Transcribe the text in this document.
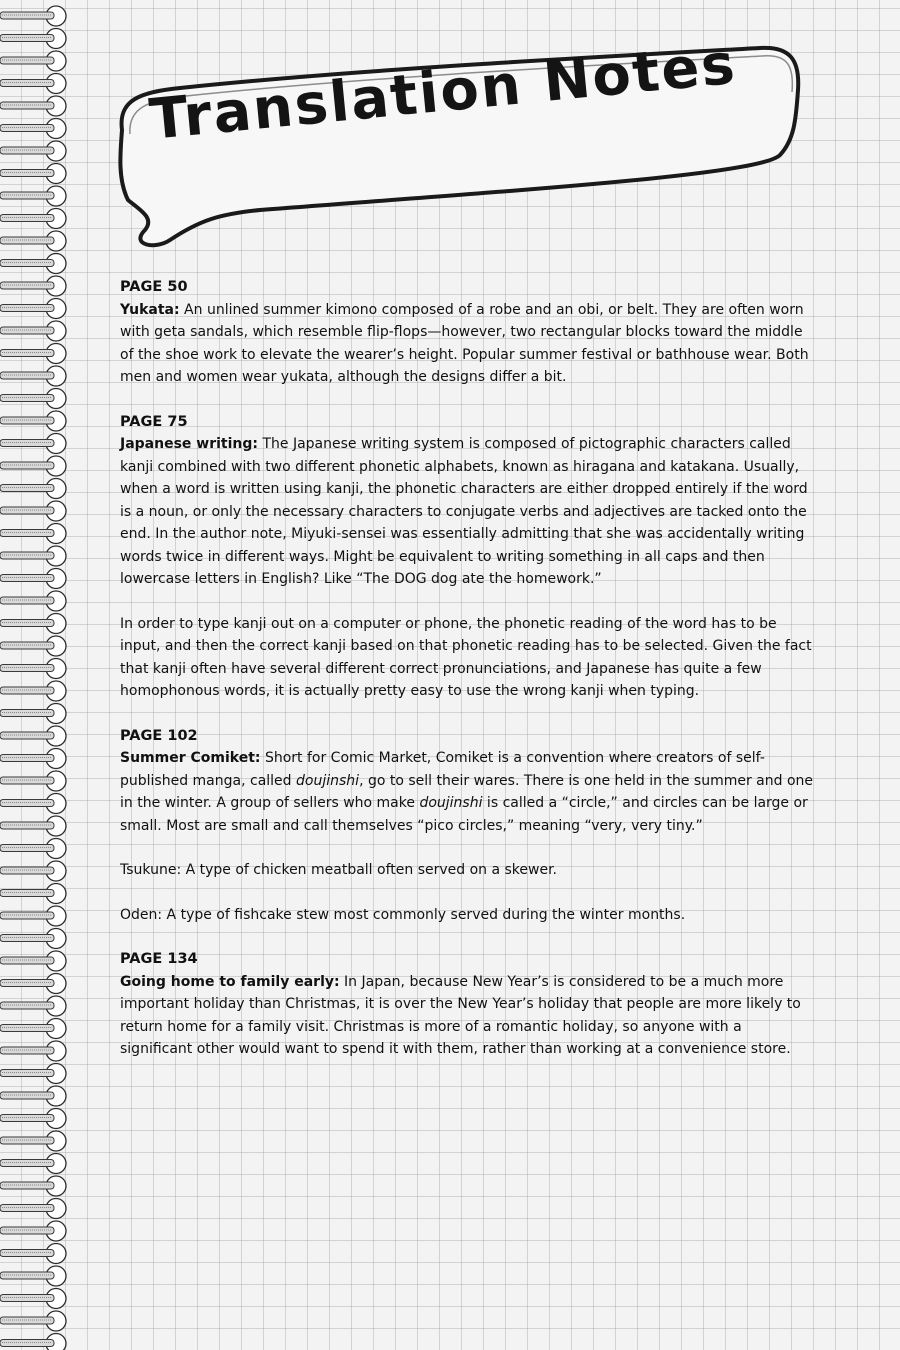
Translation Notes
PAGE 50

Yukata: An unlined summer kimono composed of a robe and an obi, or belt. They are often worn with geta sandals, which resemble flip-flops—however, two rectangular blocks toward the middle of the shoe work to elevate the wearer’s height. Popular summer festival or bathhouse wear. Both men and women wear yukata, although the designs differ a bit.

PAGE 75

Japanese writing: The Japanese writing system is composed of pictographic characters called kanji combined with two different phonetic alphabets, known as hiragana and katakana. Usually, when a word is written using kanji, the phonetic characters are either dropped entirely if the word is a noun, or only the necessary characters to conjugate verbs and adjectives are tacked onto the end. In the author note, Miyuki-sensei was essentially admitting that she was accidentally writing words twice in different ways. Might be equivalent to writing something in all caps and then lowercase letters in English? Like “The DOG dog ate the homework.”

In order to type kanji out on a computer or phone, the phonetic reading of the word has to be input, and then the correct kanji based on that phonetic reading has to be selected. Given the fact that kanji often have several different correct pronunciations, and Japanese has quite a few homophonous words, it is actually pretty easy to use the wrong kanji when typing.

PAGE 102

Summer Comiket: Short for Comic Market, Comiket is a convention where creators of self-published manga, called doujinshi, go to sell their wares. There is one held in the summer and one in the winter. A group of sellers who make doujinshi is called a “circle,” and circles can be large or small. Most are small and call themselves “pico circles,” meaning “very, very tiny.”

Tsukune: A type of chicken meatball often served on a skewer.

Oden: A type of fishcake stew most commonly served during the winter months.

PAGE 134

Going home to family early: In Japan, because New Year’s is considered to be a much more important holiday than Christmas, it is over the New Year’s holiday that people are more likely to return home for a family visit. Christmas is more of a romantic holiday, so anyone with a significant other would want to spend it with them, rather than working at a convenience store.
